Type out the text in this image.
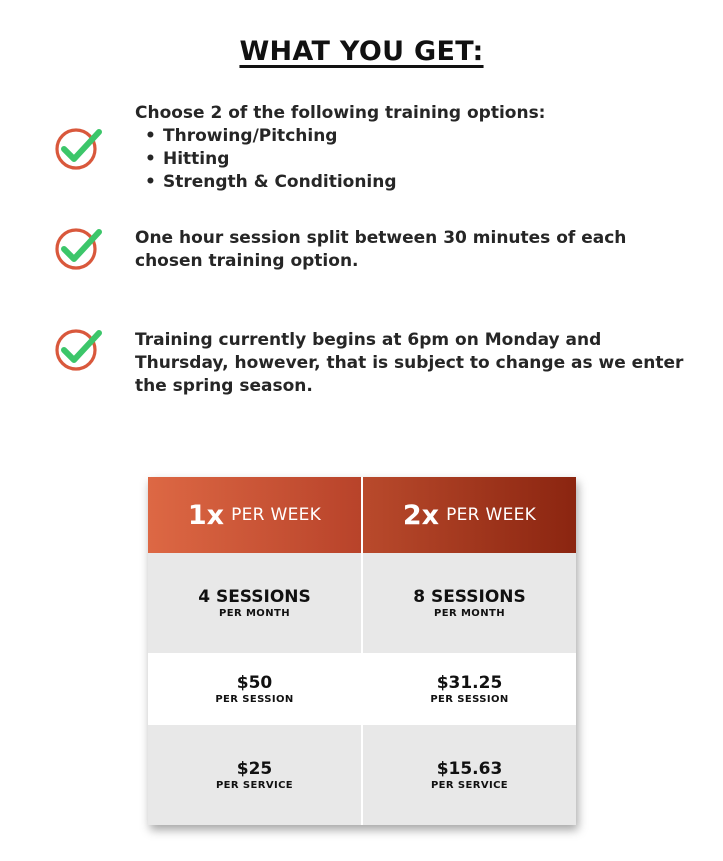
WHAT YOU GET:
Choose 2 of the following training options:
• Throwing/Pitching
• Hitting
• Strength & Conditioning
One hour session split between 30 minutes of each
chosen training option.
Training currently begins at 6pm on Monday and
Thursday, however, that is subject to change as we enter
the spring season.
1x PER WEEK
4 SESSIONS
PER MONTH
$50
PER SESSION
$25
PER SERVICE
2x PER WEEK
8 SESSIONS
PER MONTH
$31.25
PER SESSION
$15.63
PER SERVICE
